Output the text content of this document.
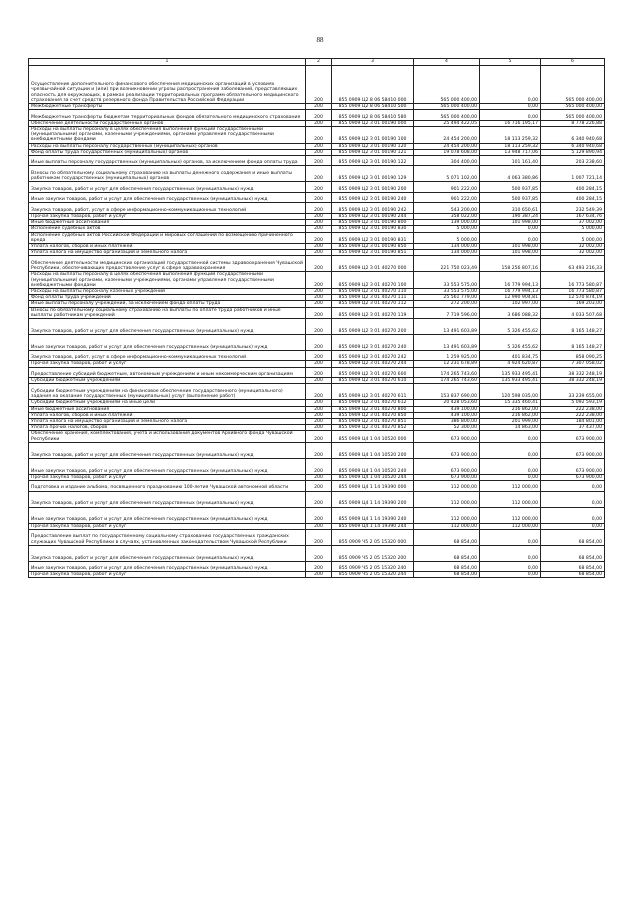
88
1	2	3	4	5	6
Осуществление дополнительного финансового обеспечения медицинских организаций в условиях чрезвычайной ситуации и (или) при возникновении угрозы распространения заболеваний, представляющих опасность для окружающих, в рамках реализации территориальных программ обязательного медицинского страхования за счет средств резервного фонда Правительства Российской Федерации	200	855 0909 Ц2 8 06 58410 000	565 000 400,00	0,00	565 000 400,00
Межбюджетные трансферты	200	855 0909 Ц2 8 06 58410 500	565 000 400,00	0,00	565 000 400,00
Межбюджетные трансферты бюджетам территориальных фондов обязательного медицинского страхования	200	855 0909 Ц2 8 06 58410 580	565 000 400,00	0,00	565 000 400,00
Обеспечение деятельности государственных органов	200	855 0909 Ц2 З 01 00190 000	25 494 422,05	16 716 195,17	8 778 226,88
Расходы на выплаты персоналу в целях обеспечения выполнения функций государственными (муниципальными) органами, казенными учреждениями, органами управления государственными внебюджетными фондами	200	855 0909 Ц2 З 01 00190 100	24 454 200,00	18 113 259,32	6 340 940,68
Расходы на выплаты персоналу государственных (муниципальных) органов	200	855 0909 Ц2 З 01 00190 120	24 454 200,00	18 113 259,32	6 340 940,68
Фонд оплаты труда государственных (муниципальных) органов	200	855 0909 Ц2 З 01 00190 121	19 078 608,00	13 948 717,06	5 129 890,94
Иные выплаты персоналу государственных (муниципальных) органов, за исключением фонда оплаты труда	200	855 0909 Ц2 З 01 00190 122	304 400,00	101 161,40	203 238,60
Взносы по обязательному социальному страхованию на выплаты денежного содержания и иные выплаты работникам государственных (муниципальных) органов	200	855 0909 Ц2 З 01 00190 129	5 071 102,00	4 063 380,86	1 007 721,14
Закупка товаров, работ и услуг для обеспечения государственных (муниципальных) нужд	200	855 0909 Ц2 З 01 00190 200	901 222,00	500 937,85	400 284,15
Иные закупки товаров, работ и услуг для обеспечения государственных (муниципальных) нужд	200	855 0909 Ц2 З 01 00190 240	901 222,00	500 937,85	400 284,15
Закупка товаров, работ, услуг в сфере информационно-коммуникационных технологий	200	855 0909 Ц2 З 01 00190 242	543 200,00	310 650,61	232 549,39
Прочая закупка товаров, работ и услуг	200	855 0909 Ц2 З 01 00190 244	358 022,00	190 387,24	167 634,76
Иные бюджетные ассигнования	200	855 0909 Ц2 З 01 00190 800	139 000,00	101 998,00	37 002,00
Исполнение судебных актов	200	855 0909 Ц2 З 01 00190 830	5 000,00	0,00	5 000,00
Исполнение судебных актов Российской Федерации и мировых соглашений по возмещению причиненного вреда	200	855 0909 Ц2 З 01 00190 831	5 000,00	0,00	5 000,00
Уплата налогов, сборов и иных платежей	200	855 0909 Ц2 З 01 00190 850	134 000,00	101 998,00	32 002,00
Уплата налога на имущество организаций и земельного налога	200	855 0909 Ц2 З 01 00190 851	134 000,00	101 998,00	32 002,00
Обеспечение деятельности медицинских организаций государственной системы здравоохранения Чувашской Республики, обеспечивающих предоставление услуг в сфере здравоохранения	200	855 0909 Ц2 З 01 40270 000	221 750 023,49	158 256 807,16	63 493 216,33
Расходы на выплаты персоналу в целях обеспечения выполнения функций государственными (муниципальными) органами, казенными учреждениями, органами управления государственными внебюджетными фондами	200	855 0909 Ц2 З 01 40270 100	33 553 575,00	16 779 994,13	16 773 580,87
Расходы на выплаты персоналу казенных учреждений	200	855 0909 Ц2 З 01 40270 110	33 553 575,00	16 779 994,13	16 773 580,87
Фонд оплаты труда учреждений	200	855 0909 Ц2 З 01 40270 111	25 561 779,00	12 990 904,81	12 570 874,19
Иные выплаты персоналу учреждений, за исключением фонда оплаты труда	200	855 0909 Ц2 З 01 40270 112	272 200,00	102 997,00	169 203,00
Взносы по обязательному социальному страхованию на выплаты по оплате труда работников и иные выплаты работникам учреждений	200	855 0909 Ц2 З 01 40270 119	7 719 596,00	3 686 088,32	4 033 507,68
Закупка товаров, работ и услуг для обеспечения государственных (муниципальных) нужд	200	855 0909 Ц2 З 01 40270 200	13 491 603,89	5 326 455,62	8 165 148,27
Иные закупки товаров, работ и услуг для обеспечения государственных (муниципальных) нужд	200	855 0909 Ц2 З 01 40270 240	13 491 603,89	5 326 455,62	8 165 148,27
Закупка товаров, работ, услуг в сфере информационно-коммуникационных технологий	200	855 0909 Ц2 З 01 40270 242	1 259 925,00	401 834,75	858 090,25
Прочая закупка товаров, работ и услуг	200	855 0909 Ц2 З 01 40270 244	12 231 678,89	4 924 620,87	7 307 058,02
Предоставление субсидий бюджетным, автономным учреждениям и иным некоммерческим организациям	200	855 0909 Ц2 З 01 40270 600	174 265 743,60	135 933 495,41	38 332 248,19
Субсидии бюджетным учреждениям	200	855 0909 Ц2 З 01 40270 610	174 265 743,60	135 933 495,41	38 332 248,19
Субсидии бюджетным учреждениям на финансовое обеспечение государственного (муниципального) задания на оказание государственных (муниципальных) услуг (выполнение работ)	200	855 0909 Ц2 З 01 40270 611	153 837 690,00	120 598 035,00	33 239 655,00
Субсидии бюджетным учреждениям на иные цели	200	855 0909 Ц2 З 01 40270 612	20 428 053,60	15 335 460,41	5 092 593,19
Иные бюджетные ассигнования	200	855 0909 Ц2 З 01 40270 800	439 100,00	216 862,00	222 238,00
Уплата налогов, сборов и иных платежей	200	855 0909 Ц2 З 01 40270 850	439 100,00	216 862,00	222 238,00
Уплата налога на имущество организаций и земельного налога	200	855 0909 Ц2 З 01 40270 851	386 800,00	201 999,00	184 801,00
Уплата прочих налогов, сборов	200	855 0909 Ц2 З 01 40270 852	52 300,00	14 863,00	37 437,00
Обеспечение хранения, комплектования, учета и использования документов Архивного фонда Чувашской Республики	200	855 0909 Ц4 1 04 10520 000	673 900,00	0,00	673 900,00
Закупка товаров, работ и услуг для обеспечения государственных (муниципальных) нужд	200	855 0909 Ц4 1 04 10520 200	673 900,00	0,00	673 900,00
Иные закупки товаров, работ и услуг для обеспечения государственных (муниципальных) нужд	200	855 0909 Ц4 1 04 10520 240	673 900,00	0,00	673 900,00
Прочая закупка товаров, работ и услуг	200	855 0909 Ц4 1 04 10520 244	673 900,00	0,00	673 900,00
Подготовка и издание альбома, посвященного празднованию 100-летия Чувашской автономной области	200	855 0909 Ц4 1 14 19390 000	112 000,00	112 000,00	0,00
Закупка товаров, работ и услуг для обеспечения государственных (муниципальных) нужд	200	855 0909 Ц4 1 14 19390 200	112 000,00	112 000,00	0,00
Иные закупки товаров, работ и услуг для обеспечения государственных (муниципальных) нужд	200	855 0909 Ц4 1 14 19390 240	112 000,00	112 000,00	0,00
Прочая закупка товаров, работ и услуг	200	855 0909 Ц4 1 14 19390 244	112 000,00	112 000,00	0,00
Предоставление выплат по государственному социальному страхованию государственных гражданских служащих Чувашской Республики в случаях, установленных законодательством Чувашской Республики	200	855 0909 Ч5 2 05 15320 000	68 854,00	0,00	68 854,00
Закупка товаров, работ и услуг для обеспечения государственных (муниципальных) нужд	200	855 0909 Ч5 2 05 15320 200	68 854,00	0,00	68 854,00
Иные закупки товаров, работ и услуг для обеспечения государственных (муниципальных) нужд	200	855 0909 Ч5 2 05 15320 240	68 854,00	0,00	68 854,00
Прочая закупка товаров, работ и услуг	200	855 0909 Ч5 2 05 15320 244	68 854,00	0,00	68 854,00
